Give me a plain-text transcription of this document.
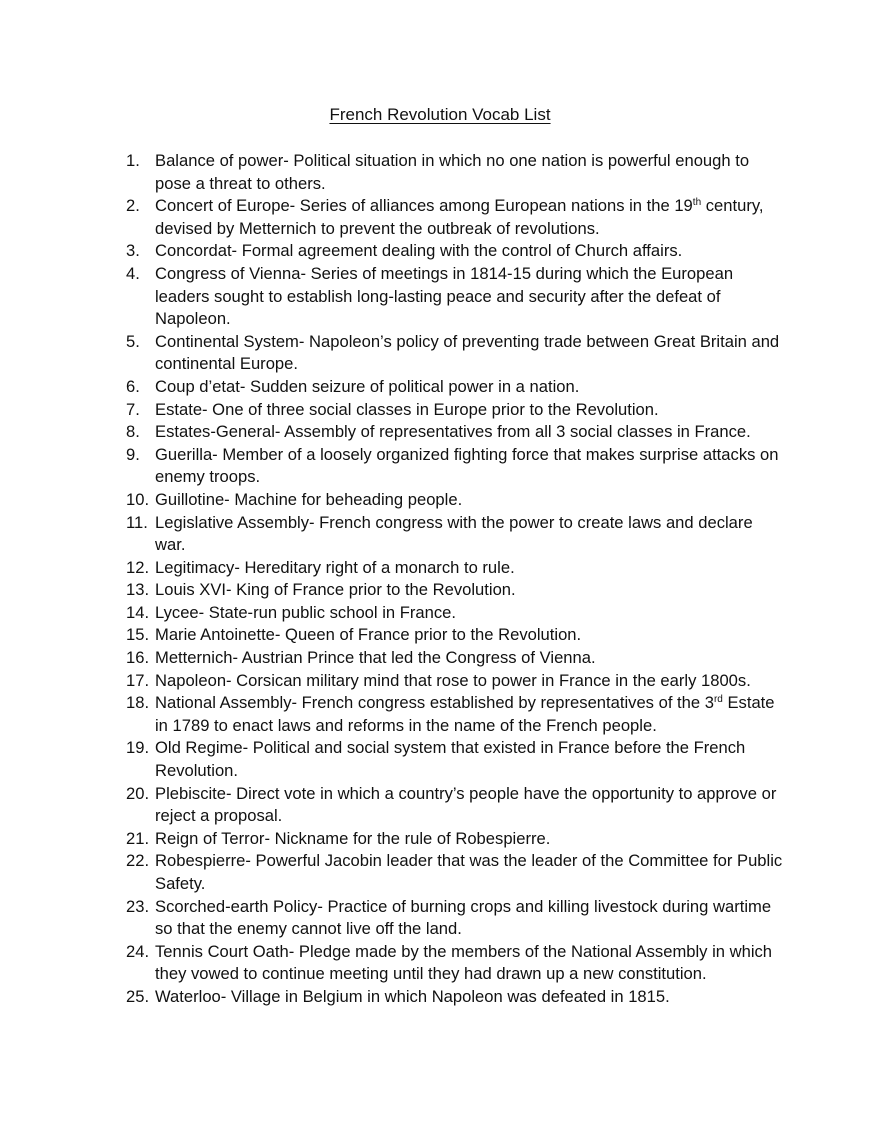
French Revolution Vocab List
1. Balance of power- Political situation in which no one nation is powerful enough to pose a threat to others.
2. Concert of Europe- Series of alliances among European nations in the 19th century, devised by Metternich to prevent the outbreak of revolutions.
3. Concordat- Formal agreement dealing with the control of Church affairs.
4. Congress of Vienna- Series of meetings in 1814-15 during which the European leaders sought to establish long-lasting peace and security after the defeat of Napoleon.
5. Continental System- Napoleon’s policy of preventing trade between Great Britain and continental Europe.
6. Coup d’etat- Sudden seizure of political power in a nation.
7. Estate- One of three social classes in Europe prior to the Revolution.
8. Estates-General- Assembly of representatives from all 3 social classes in France.
9. Guerilla- Member of a loosely organized fighting force that makes surprise attacks on enemy troops.
10. Guillotine- Machine for beheading people.
11. Legislative Assembly- French congress with the power to create laws and declare war.
12. Legitimacy- Hereditary right of a monarch to rule.
13. Louis XVI- King of France prior to the Revolution.
14. Lycee- State-run public school in France.
15. Marie Antoinette- Queen of France prior to the Revolution.
16. Metternich- Austrian Prince that led the Congress of Vienna.
17. Napoleon- Corsican military mind that rose to power in France in the early 1800s.
18. National Assembly- French congress established by representatives of the 3rd Estate in 1789 to enact laws and reforms in the name of the French people.
19. Old Regime- Political and social system that existed in France before the French Revolution.
20. Plebiscite- Direct vote in which a country’s people have the opportunity to approve or reject a proposal.
21. Reign of Terror- Nickname for the rule of Robespierre.
22. Robespierre- Powerful Jacobin leader that was the leader of the Committee for Public Safety.
23. Scorched-earth Policy- Practice of burning crops and killing livestock during wartime so that the enemy cannot live off the land.
24. Tennis Court Oath- Pledge made by the members of the National Assembly in which they vowed to continue meeting until they had drawn up a new constitution.
25. Waterloo- Village in Belgium in which Napoleon was defeated in 1815.
